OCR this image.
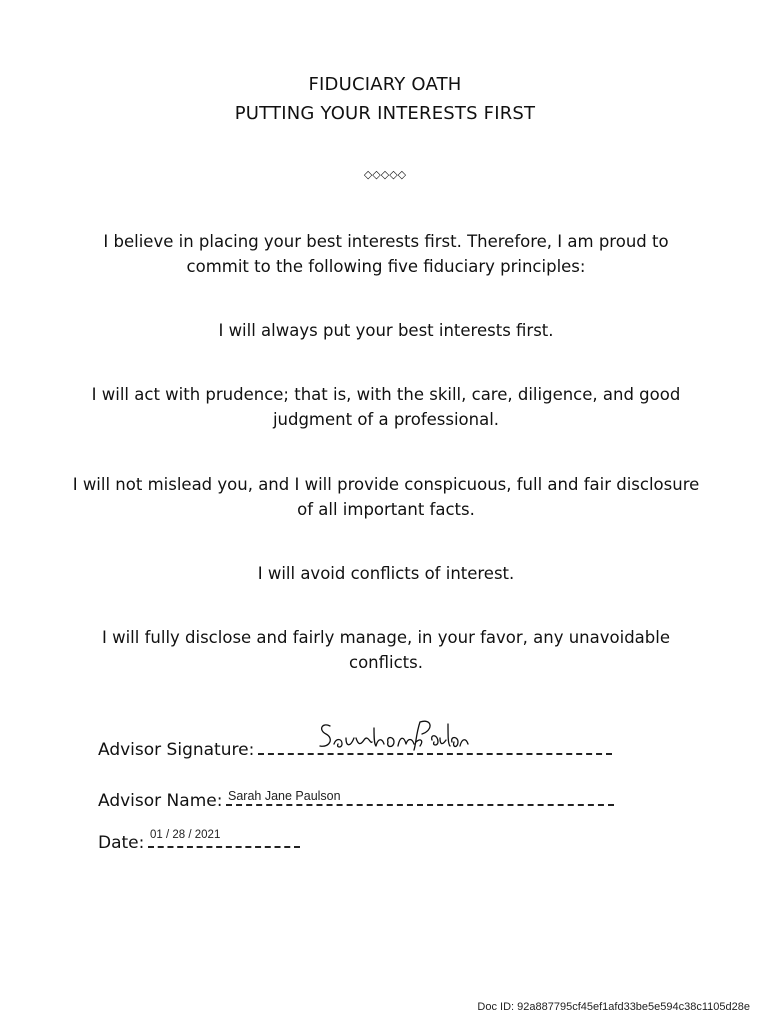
FIDUCIARY OATH
PUTTING YOUR INTERESTS FIRST
◇◇◇◇◇
I believe in placing your best interests first. Therefore, I am proud to commit to the following five fiduciary principles:
I will always put your best interests first.
I will act with prudence; that is, with the skill, care, diligence, and good judgment of a professional.
I will not mislead you, and I will provide conspicuous, full and fair disclosure of all important facts.
I will avoid conflicts of interest.
I will fully disclose and fairly manage, in your favor, any unavoidable conflicts.
Advisor Signature:
Advisor Name: Sarah Jane Paulson
Date: 01 / 28 / 2021
Doc ID: 92a887795cf45ef1afd33be5e594c38c1105d28e
